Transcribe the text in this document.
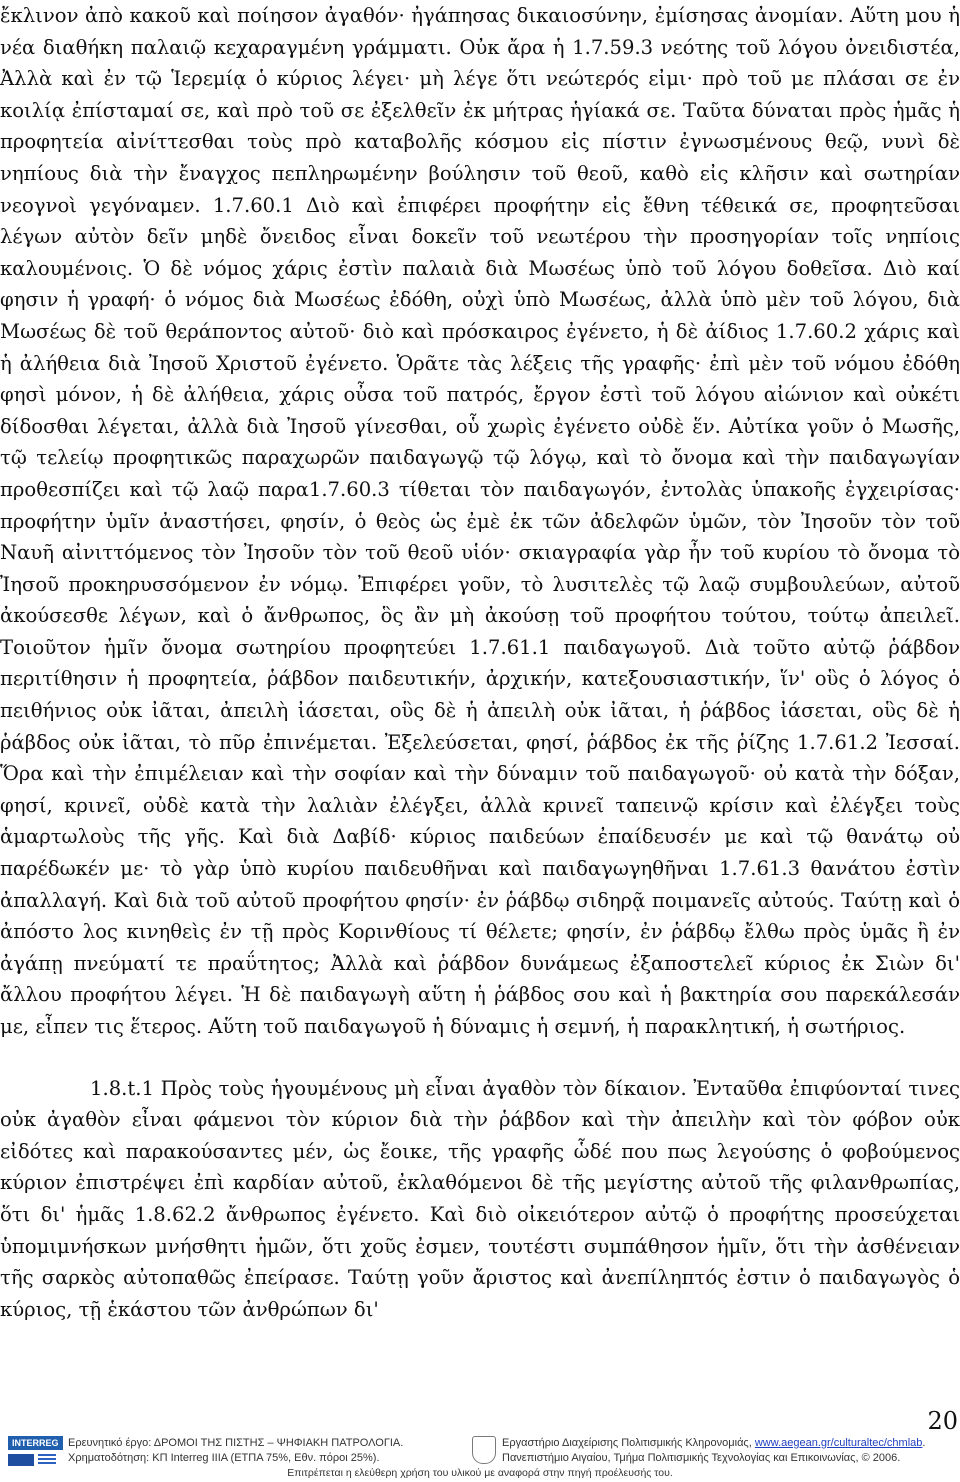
ἔκλινον ἀπὸ κακοῦ καὶ ποίησον ἀγαθόν· ἠγάπησας δικαιοσύνην, ἐμίσησας ἀνομίαν. Αὕτη μου ἡ νέα διαθήκη παλαιῷ κεχαραγμένη γράμματι. Οὐκ ἄρα ἡ 1.7.59.3 νεότης τοῦ λόγου ὀνειδιστέα, Ἀλλὰ καὶ ἐν τῷ Ἱερεμίᾳ ὁ κύριος λέγει· μὴ λέγε ὅτι νεώτερός εἰμι· πρὸ τοῦ με πλάσαι σε ἐν κοιλίᾳ ἐπίσταμαί σε, καὶ πρὸ τοῦ σε ἐξελθεῖν ἐκ μήτρας ἡγίακά σε. Ταῦτα δύναται πρὸς ἡμᾶς ἡ προφητεία αἰνίττεσθαι τοὺς πρὸ καταβολῆς κόσμου εἰς πίστιν ἐγνωσμένους θεῷ, νυνὶ δὲ νηπίους διὰ τὴν ἔναγχος πεπληρωμένην βούλησιν τοῦ θεοῦ, καθὸ εἰς κλῆσιν καὶ σωτηρίαν νεογνοὶ γεγόναμεν. 1.7.60.1 Διὸ καὶ ἐπιφέρει προφήτην εἰς ἔθνη τέθεικά σε, προφητεῦσαι λέγων αὐτὸν δεῖν μηδὲ ὄνειδος εἶναι δοκεῖν τοῦ νεωτέρου τὴν προσηγορίαν τοῖς νηπίοις καλουμένοις. Ὁ δὲ νόμος χάρις ἐστὶν παλαιὰ διὰ Μωσέως ὑπὸ τοῦ λόγου δοθεῖσα. Διὸ καί φησιν ἡ γραφή· ὁ νόμος διὰ Μωσέως ἐδόθη, οὐχὶ ὑπὸ Μωσέως, ἀλλὰ ὑπὸ μὲν τοῦ λόγου, διὰ Μωσέως δὲ τοῦ θεράποντος αὐτοῦ· διὸ καὶ πρόσκαιρος ἐγένετο, ἡ δὲ ἀίδιος 1.7.60.2 χάρις καὶ ἡ ἀλήθεια διὰ Ἰησοῦ Χριστοῦ ἐγένετο. Ὁρᾶτε τὰς λέξεις τῆς γραφῆς· ἐπὶ μὲν τοῦ νόμου ἐδόθη φησὶ μόνον, ἡ δὲ ἀλήθεια, χάρις οὖσα τοῦ πατρός, ἔργον ἐστὶ τοῦ λόγου αἰώνιον καὶ οὐκέτι δίδοσθαι λέγεται, ἀλλὰ διὰ Ἰησοῦ γίνεσθαι, οὗ χωρὶς ἐγένετο οὐδὲ ἕν. Αὐτίκα γοῦν ὁ Μωσῆς, τῷ τελείῳ προφητικῶς παραχωρῶν παιδαγωγῷ τῷ λόγῳ, καὶ τὸ ὄνομα καὶ τὴν παιδαγωγίαν προθεσπίζει καὶ τῷ λαῷ παρα1.7.60.3 τίθεται τὸν παιδαγωγόν, ἐντολὰς ὑπακοῆς ἐγχειρίσας· προφήτην ὑμῖν ἀναστήσει, φησίν, ὁ θεὸς ὡς ἐμὲ ἐκ τῶν ἀδελφῶν ὑμῶν, τὸν Ἰησοῦν τὸν τοῦ Ναυῆ αἰνιττόμενος τὸν Ἰησοῦν τὸν τοῦ θεοῦ υἱόν· σκιαγραφία γὰρ ἦν τοῦ κυρίου τὸ ὄνομα τὸ Ἰησοῦ προκηρυσσόμενον ἐν νόμῳ. Ἐπιφέρει γοῦν, τὸ λυσιτελὲς τῷ λαῷ συμβουλεύων, αὐτοῦ ἀκούσεσθε λέγων, καὶ ὁ ἄνθρωπος, ὃς ἂν μὴ ἀκούσῃ τοῦ προφήτου τούτου, τούτῳ ἀπειλεῖ. Τοιοῦτον ἡμῖν ὄνομα σωτηρίου προφητεύει 1.7.61.1 παιδαγωγοῦ. Διὰ τοῦτο αὐτῷ ῥάβδον περιτίθησιν ἡ προφητεία, ῥάβδον παιδευτικήν, ἀρχικήν, κατεξουσιαστικήν, ἵν' οὓς ὁ λόγος ὁ πειθήνιος οὐκ ἰᾶται, ἀπειλὴ ἰάσεται, οὓς δὲ ἡ ἀπειλὴ οὐκ ἰᾶται, ἡ ῥάβδος ἰάσεται, οὓς δὲ ἡ ῥάβδος οὐκ ἰᾶται, τὸ πῦρ ἐπινέμεται. Ἐξελεύσεται, φησί, ῥάβδος ἐκ τῆς ῥίζης 1.7.61.2 Ἰεσσαί. Ὅρα καὶ τὴν ἐπιμέλειαν καὶ τὴν σοφίαν καὶ τὴν δύναμιν τοῦ παιδαγωγοῦ· οὐ κατὰ τὴν δόξαν, φησί, κρινεῖ, οὐδὲ κατὰ τὴν λαλιὰν ἐλέγξει, ἀλλὰ κρινεῖ ταπεινῷ κρίσιν καὶ ἐλέγξει τοὺς ἁμαρτωλοὺς τῆς γῆς. Καὶ διὰ Δαβίδ· κύριος παιδεύων ἐπαίδευσέν με καὶ τῷ θανάτῳ οὐ παρέδωκέν με· τὸ γὰρ ὑπὸ κυρίου παιδευθῆναι καὶ παιδαγωγηθῆναι 1.7.61.3 θανάτου ἐστὶν ἀπαλλαγή. Καὶ διὰ τοῦ αὐτοῦ προφήτου φησίν· ἐν ῥάβδῳ σιδηρᾷ ποιμανεῖς αὐτούς. Ταύτῃ καὶ ὁ ἀπόστο λος κινηθεὶς ἐν τῇ πρὸς Κορινθίους τί θέλετε; φησίν, ἐν ῥάβδῳ ἔλθω πρὸς ὑμᾶς ἢ ἐν ἀγάπῃ πνεύματί τε πραΰτητος; Ἀλλὰ καὶ ῥάβδον δυνάμεως ἐξαποστελεῖ κύριος ἐκ Σιὼν δι' ἄλλου προφήτου λέγει. Ἡ δὲ παιδαγωγὴ αὕτη ἡ ῥάβδος σου καὶ ἡ βακτηρία σου παρεκάλεσάν με, εἶπεν τις ἕτερος. Αὕτη τοῦ παιδαγωγοῦ ἡ δύναμις ἡ σεμνή, ἡ παρακλητική, ἡ σωτήριος.

1.8.t.1 Πρὸς τοὺς ἡγουμένους μὴ εἶναι ἀγαθὸν τὸν δίκαιον. Ἐνταῦθα ἐπιφύονταί τινες οὐκ ἀγαθὸν εἶναι φάμενοι τὸν κύριον διὰ τὴν ῥάβδον καὶ τὴν ἀπειλὴν καὶ τὸν φόβον οὐκ εἰδότες καὶ παρακούσαντες μέν, ὡς ἔοικε, τῆς γραφῆς ὧδέ που πως λεγούσης ὁ φοβούμενος κύριον ἐπιστρέψει ἐπὶ καρδίαν αὐτοῦ, ἐκλαθόμενοι δὲ τῆς μεγίστης αὐτοῦ τῆς φιλανθρωπίας, ὅτι δι' ἡμᾶς 1.8.62.2 ἄνθρωπος ἐγένετο. Καὶ διὸ οἰκειότερον αὐτῷ ὁ προφήτης προσεύχεται ὑπομιμνήσκων μνήσθητι ἡμῶν, ὅτι χοῦς ἐσμεν, τουτέστι συμπάθησον ἡμῖν, ὅτι τὴν ἀσθένειαν τῆς σαρκὸς αὐτοπαθῶς ἐπείρασε. Ταύτῃ γοῦν ἄριστος καὶ ἀνεπίληπτός ἐστιν ὁ παιδαγωγὸς ὁ κύριος, τῇ ἑκάστου τῶν ἀνθρώπων δι'

20
INTERREG Ερευνητικό έργο: ΔΡΟΜΟΙ ΤΗΣ ΠΙΣΤΗΣ – ΨΗΦΙΑΚΗ ΠΑΤΡΟΛΟΓΙΑ.
Χρηματοδότηση: ΚΠ Interreg IIIA (ΕΤΠΑ 75%, Εθν. πόροι 25%).
Εργαστήριο Διαχείρισης Πολιτισμικής Κληρονομιάς, www.aegean.gr/culturaltec/chmlab.
Πανεπιστήμιο Αιγαίου, Τμήμα Πολιτισμικής Τεχνολογίας και Επικοινωνίας, © 2006.
Επιτρέπεται η ελεύθερη χρήση του υλικού με αναφορά στην πηγή προέλευσής του.
